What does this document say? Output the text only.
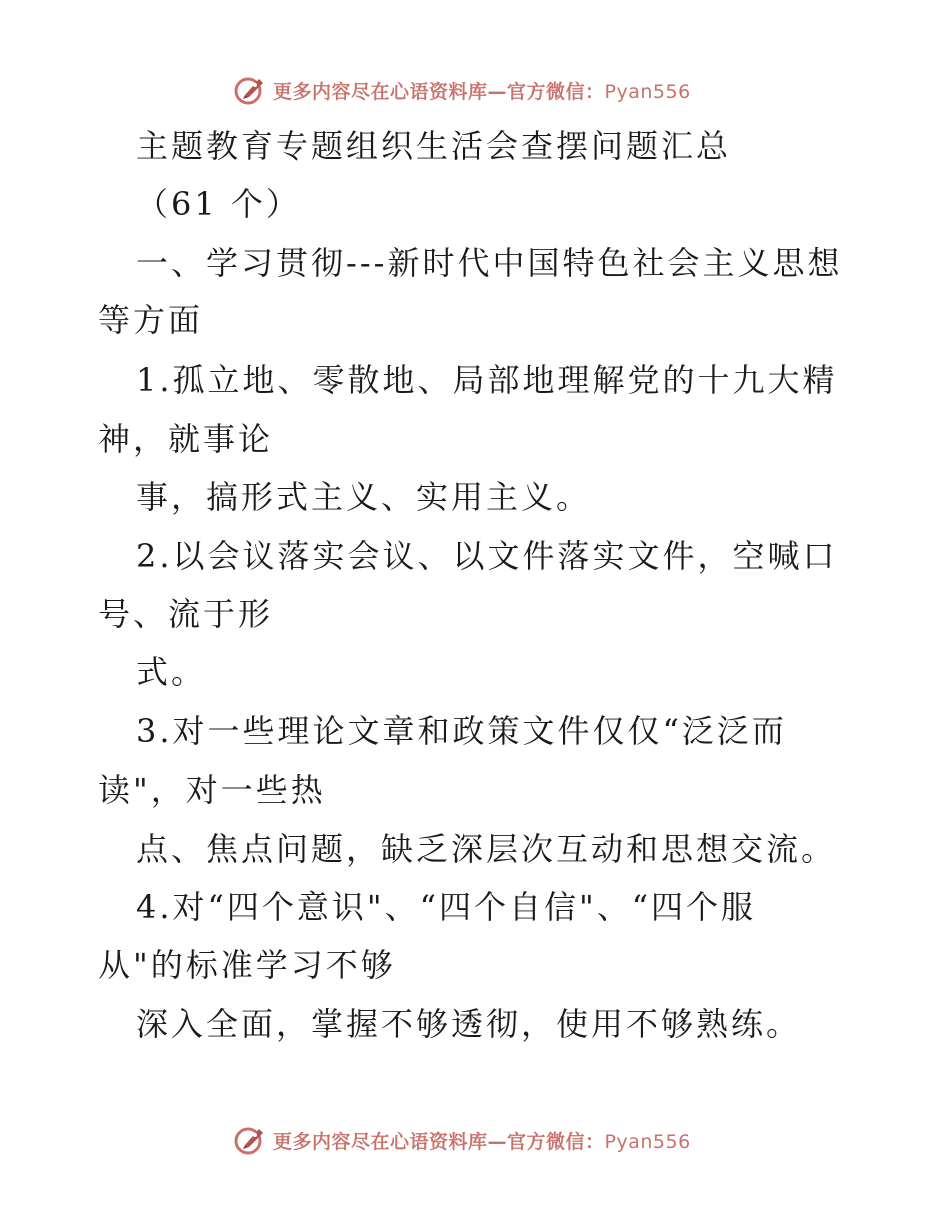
更多内容尽在心语资料库—官方微信：Pyan556
主题教育专题组织生活会查摆问题汇总
（61 个）
一、学习贯彻---新时代中国特色社会主义思想
等方面
1.孤立地、零散地、局部地理解党的十九大精
神，就事论
事，搞形式主义、实用主义。
2.以会议落实会议、以文件落实文件，空喊口
号、流于形
式。
3.对一些理论文章和政策文件仅仅“泛泛而
读"，对一些热
点、焦点问题，缺乏深层次互动和思想交流。
4.对“四个意识"、“四个自信"、“四个服
从"的标准学习不够
深入全面，掌握不够透彻，使用不够熟练。
更多内容尽在心语资料库—官方微信：Pyan556
